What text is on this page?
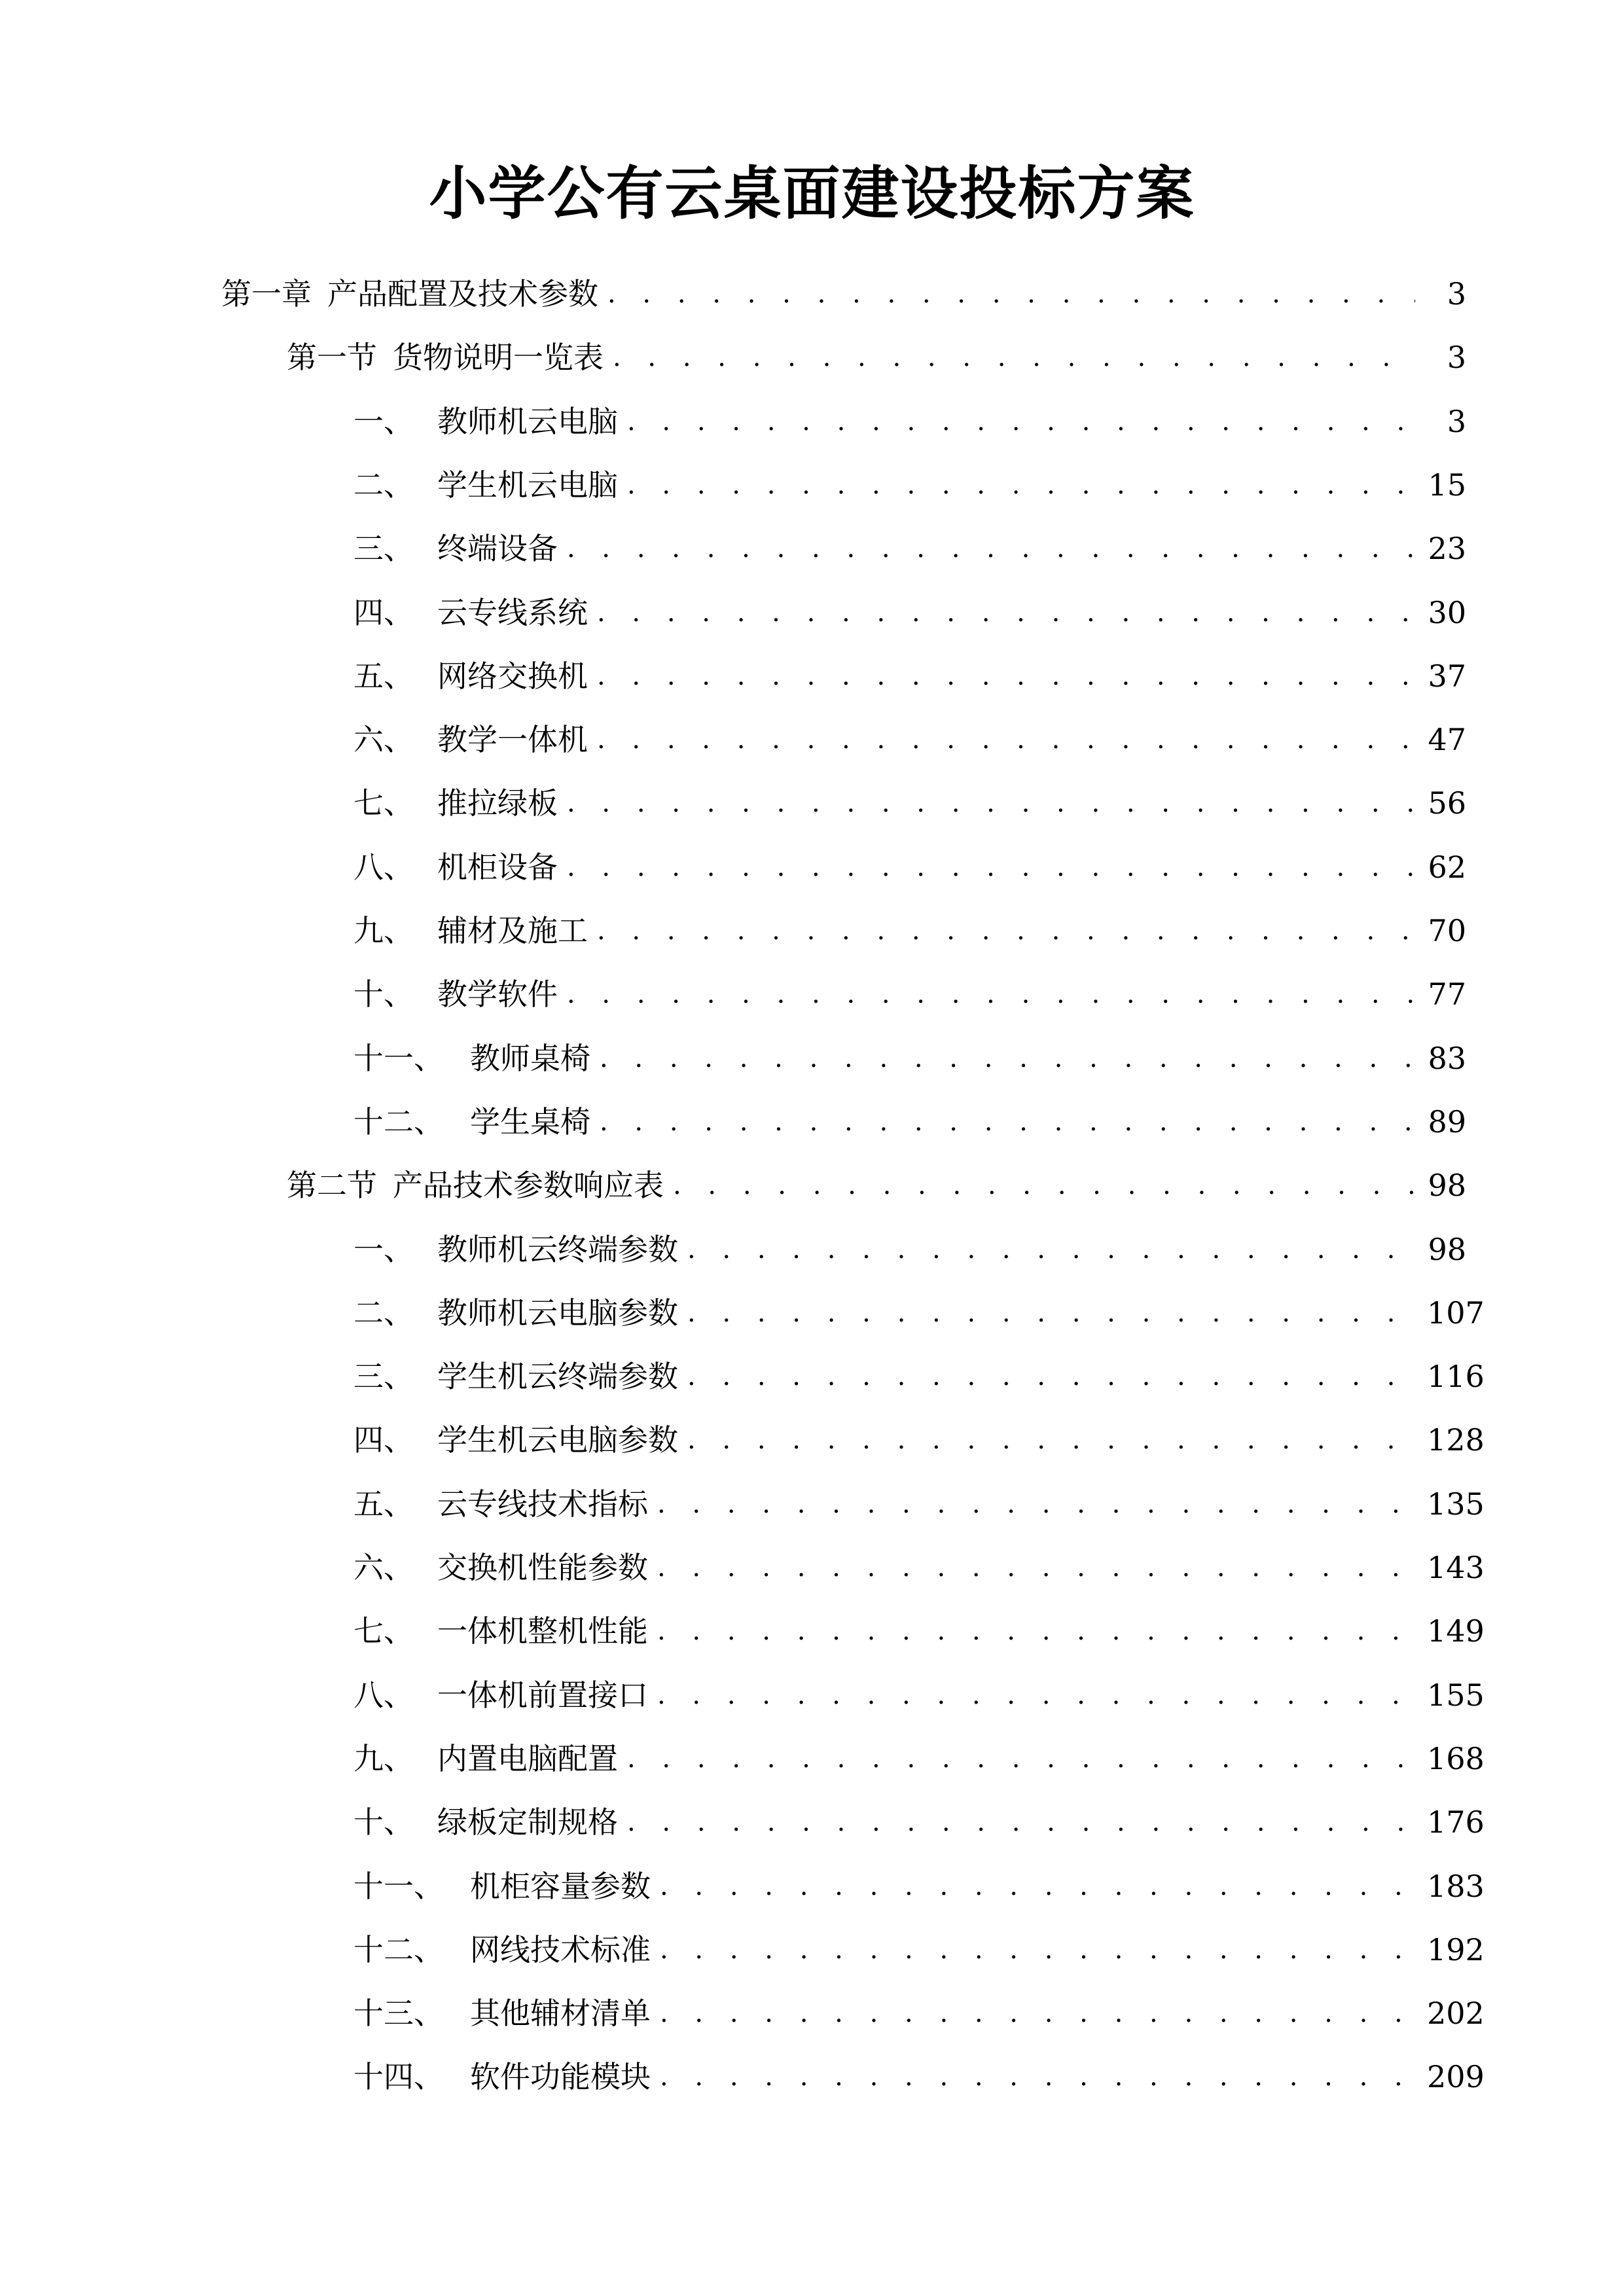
小学公有云桌面建设投标方案
第一章 产品配置及技术参数 . . .	3
第一节 货物说明一览表 . . .	3
一、 教师机云电脑 . . .	3
二、 学生机云电脑 . . .	15
三、 终端设备 . . .	23
四、 云专线系统 . . .	30
五、 网络交换机 . . .	37
六、 教学一体机 . . .	47
七、 推拉绿板 . . .	56
八、 机柜设备 . . .	62
九、 辅材及施工 . . .	70
十、 教学软件 . . .	77
十一、 教师桌椅 . . .	83
十二、 学生桌椅 . . .	89
第二节 产品技术参数响应表 . . .	98
一、 教师机云终端参数 . . .	98
二、 教师机云电脑参数 . . .	107
三、 学生机云终端参数 . . .	116
四、 学生机云电脑参数 . . .	128
五、 云专线技术指标 . . .	135
六、 交换机性能参数 . . .	143
七、 一体机整机性能 . . .	149
八、 一体机前置接口 . . .	155
九、 内置电脑配置 . . .	168
十、 绿板定制规格 . . .	176
十一、 机柜容量参数 . . .	183
十二、 网线技术标准 . . .	192
十三、 其他辅材清单 . . .	202
十四、 软件功能模块 . . .	209
